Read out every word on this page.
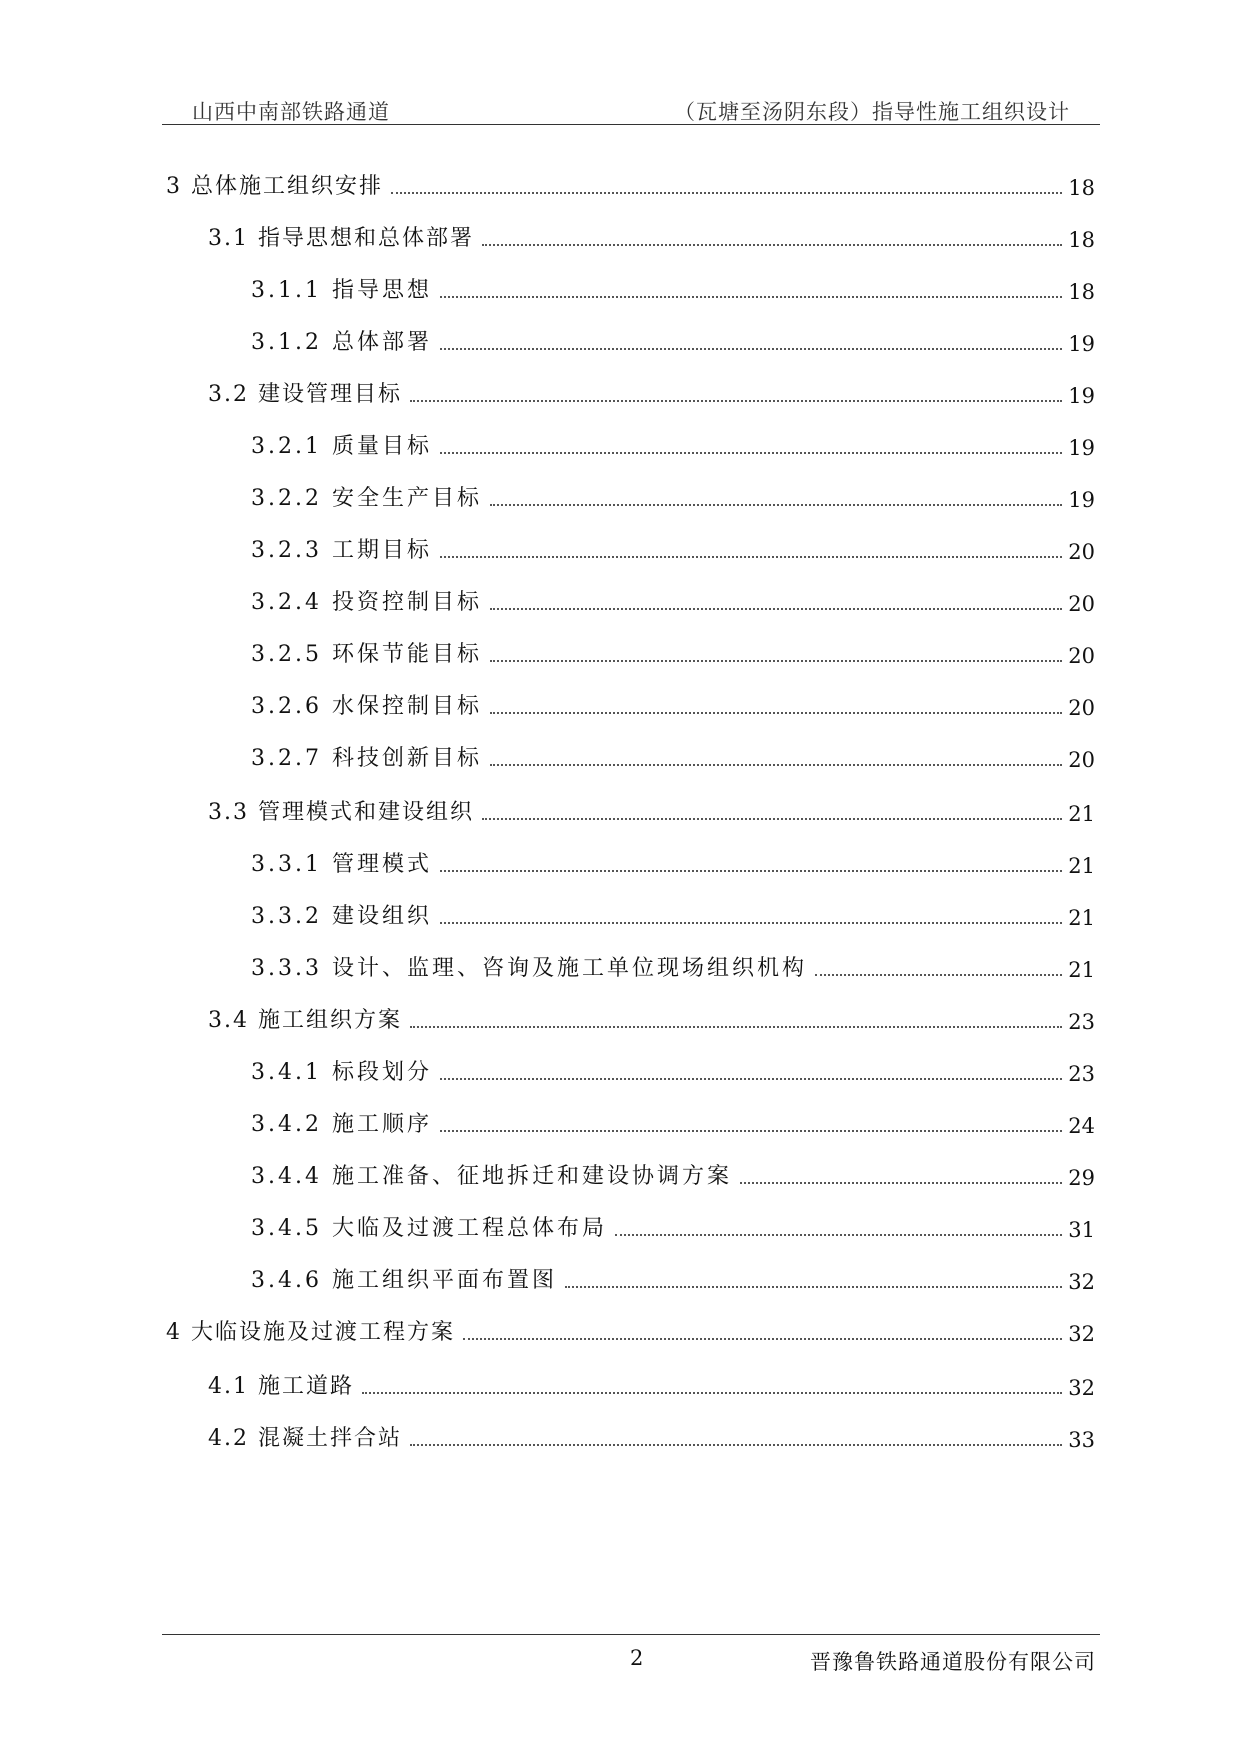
山西中南部铁路通道	（瓦塘至汤阴东段）指导性施工组织设计
3 总体施工组织安排	18
3.1 指导思想和总体部署	18
3.1.1 指导思想	18
3.1.2 总体部署	19
3.2 建设管理目标	19
3.2.1 质量目标	19
3.2.2 安全生产目标	19
3.2.3 工期目标	20
3.2.4 投资控制目标	20
3.2.5 环保节能目标	20
3.2.6 水保控制目标	20
3.2.7 科技创新目标	20
3.3 管理模式和建设组织	21
3.3.1 管理模式	21
3.3.2 建设组织	21
3.3.3 设计、监理、咨询及施工单位现场组织机构	21
3.4 施工组织方案	23
3.4.1 标段划分	23
3.4.2 施工顺序	24
3.4.4 施工准备、征地拆迁和建设协调方案	29
3.4.5 大临及过渡工程总体布局	31
3.4.6 施工组织平面布置图	32
4 大临设施及过渡工程方案	32
4.1 施工道路	32
4.2 混凝土拌合站	33
2	晋豫鲁铁路通道股份有限公司
